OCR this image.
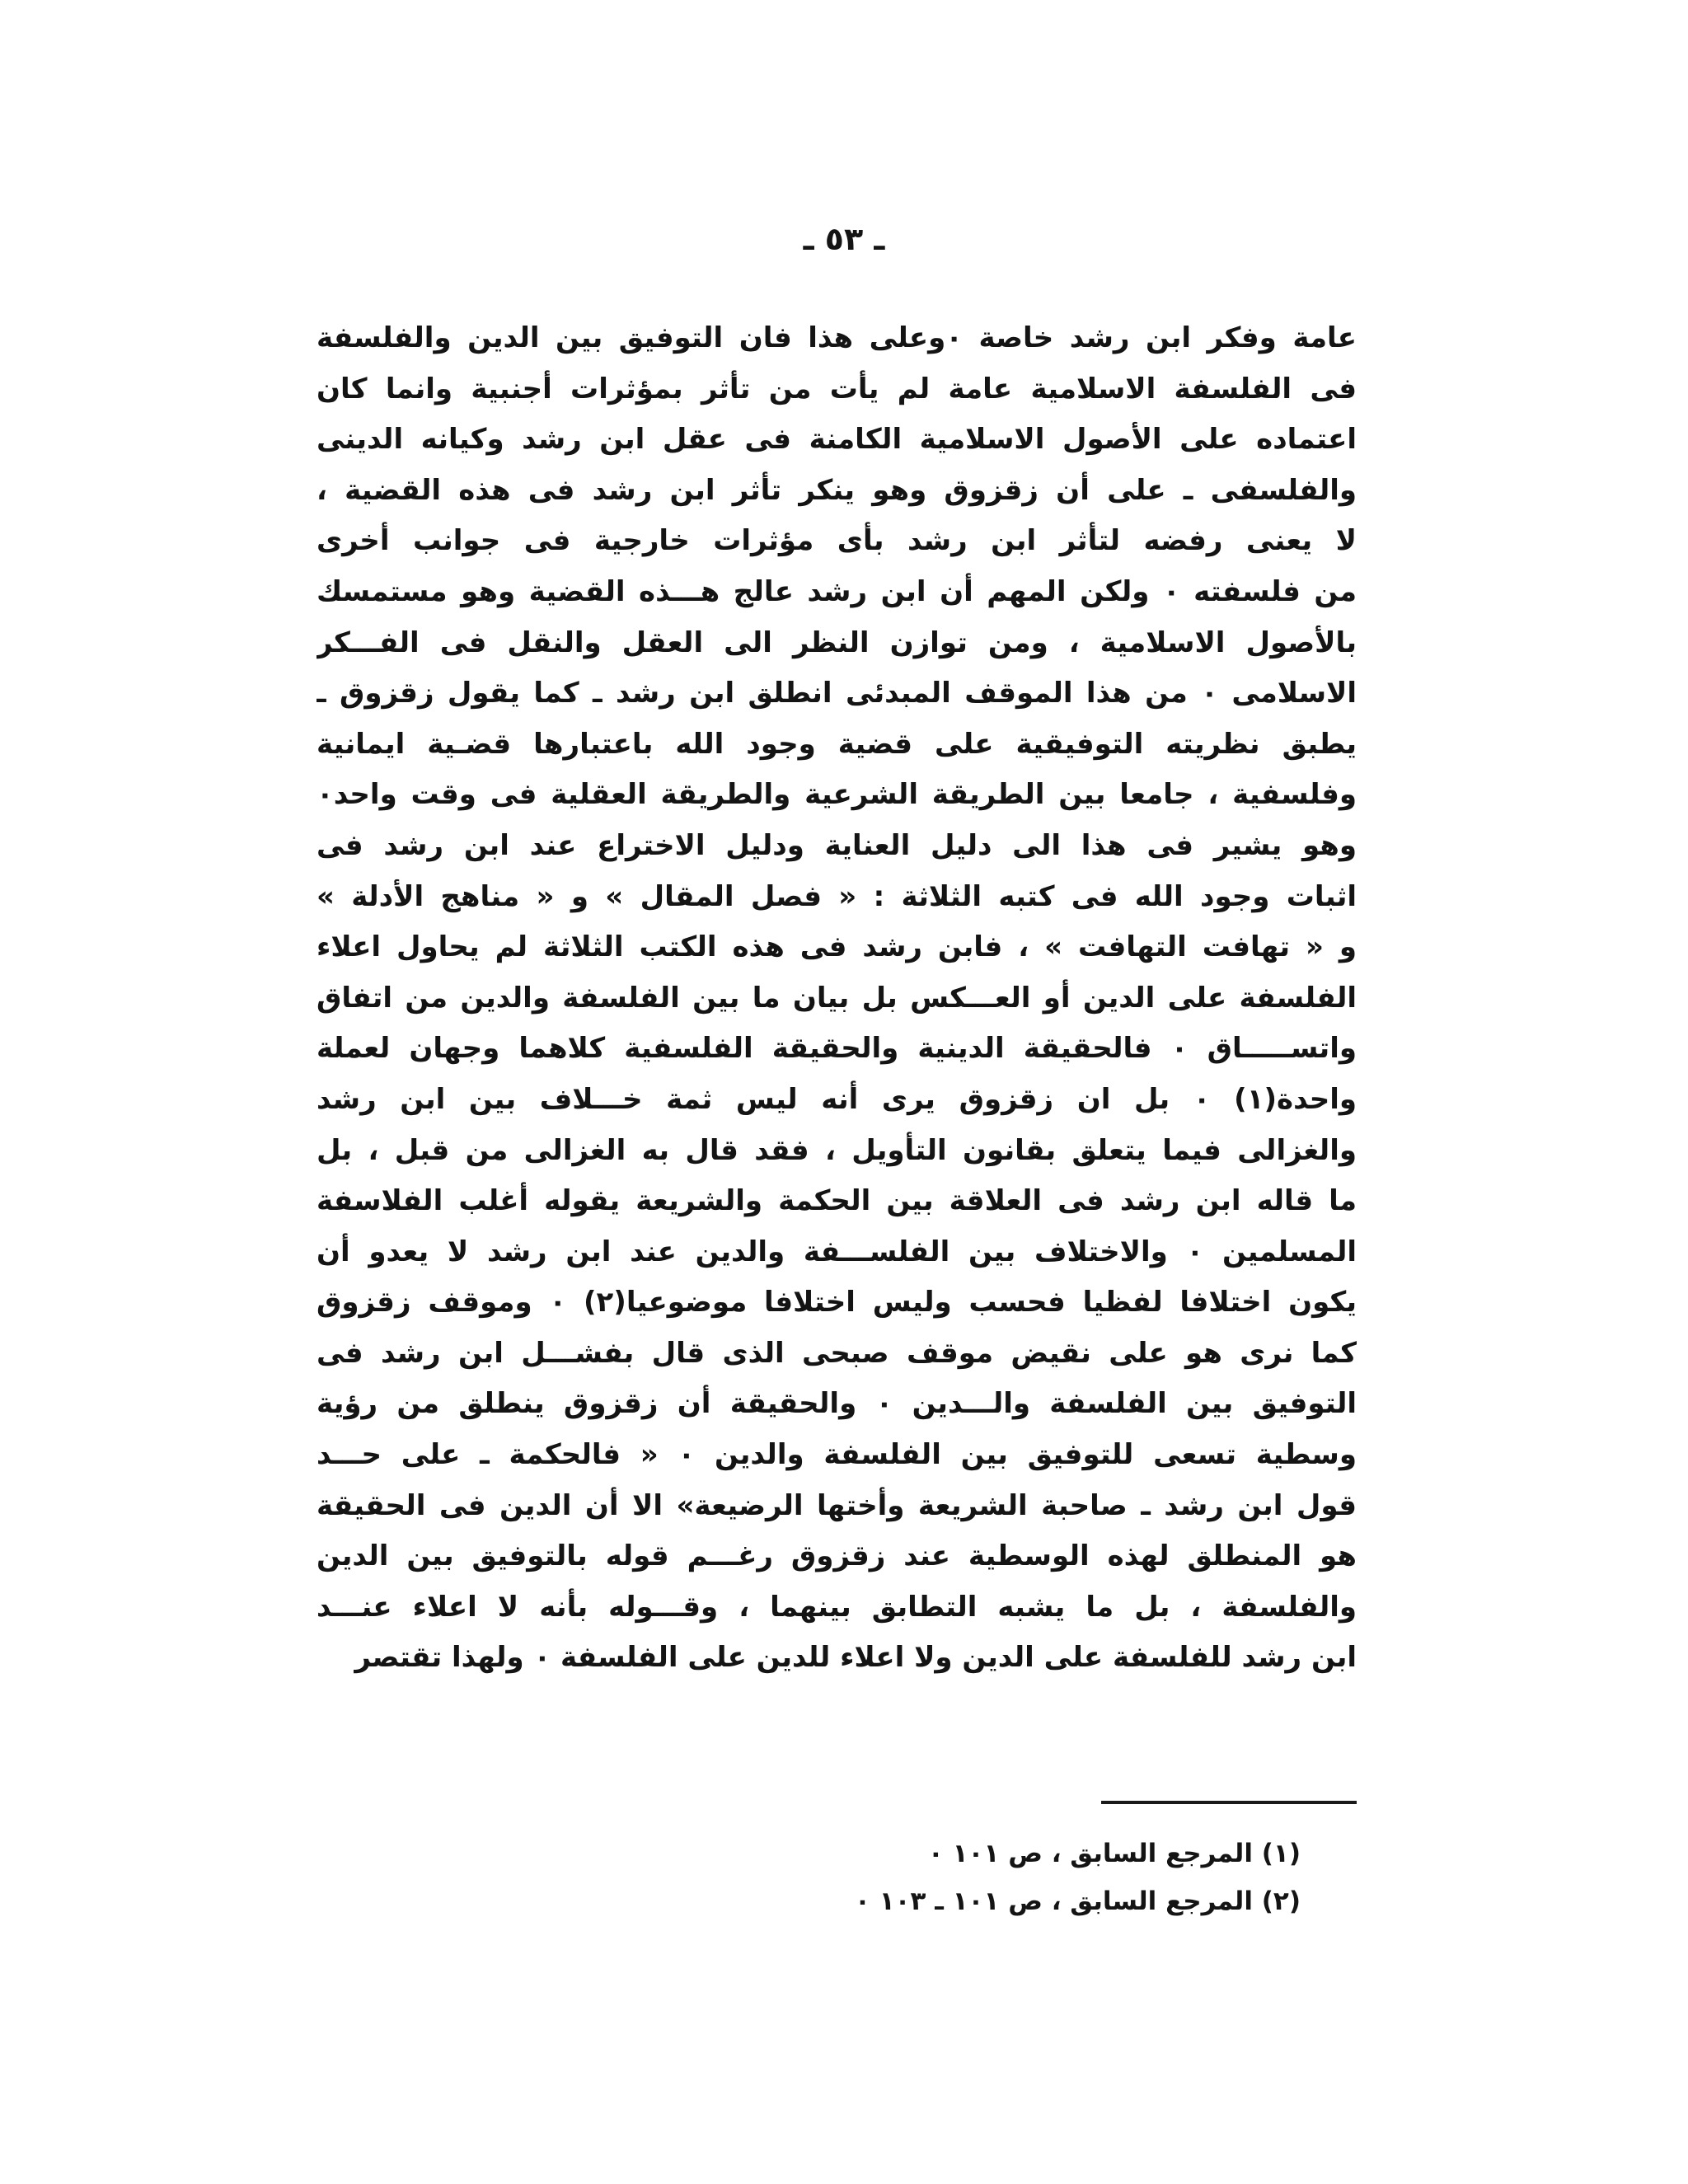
ـ ٥٣ ـ
عامة وفكر ابن رشد خاصة ٠وعلى هذا فان التوفيق بين الدين والفلسفة
فى الفلسفة الاسلامية عامة لم يأت من تأثر بمؤثرات أجنبية وانما كان
اعتماده على الأصول الاسلامية الكامنة فى عقل ابن رشد وكيانه الدينى
والفلسفى ـ على أن زقزوق وهو ينكر تأثر ابن رشد فى هذه القضية ،
لا يعنى رفضه لتأثر ابن رشد بأى مؤثرات خارجية فى جوانب أخرى
من فلسفته ٠ ولكن المهم أن ابن رشد عالج هـــذه القضية وهو مستمسك
بالأصول الاسلامية ، ومن توازن النظر الى العقل والنقل فى الفـــكر
الاسلامى ٠ من هذا الموقف المبدئى انطلق ابن رشد ـ كما يقول زقزوق ـ
يطبق نظريته التوفيقية على قضية وجود الله باعتبارها قضـية ايمانية
وفلسفية ، جامعا بين الطريقة الشرعية والطريقة العقلية فى وقت واحد٠
وهو يشير فى هذا الى دليل العناية ودليل الاختراع عند ابن رشد فى
اثبات وجود الله فى كتبه الثلاثة : « فصل المقال » و « مناهج الأدلة »
و « تهافت التهافت » ، فابن رشد فى هذه الكتب الثلاثة لم يحاول اعلاء
الفلسفة على الدين أو العـــكس بل بيان ما بين الفلسفة والدين من اتفاق
واتســـــاق ٠ فالحقيقة الدينية والحقيقة الفلسفية كلاهما وجهان لعملة
واحدة(١) ٠ بل ان زقزوق يرى أنه ليس ثمة خـــلاف بين ابن رشد
والغزالى فيما يتعلق بقانون التأويل ، فقد قال به الغزالى من قبل ، بل
ما قاله ابن رشد فى العلاقة بين الحكمة والشريعة يقوله أغلب الفلاسفة
المسلمين ٠ والاختلاف بين الفلســـفة والدين عند ابن رشد لا يعدو أن
يكون اختلافا لفظيا فحسب وليس اختلافا موضوعيا(٢) ٠ وموقف زقزوق
كما نرى هو على نقيض موقف صبحى الذى قال بفشـــل ابن رشد فى
التوفيق بين الفلسفة والـــدين ٠ والحقيقة أن زقزوق ينطلق من رؤية
وسطية تسعى للتوفيق بين الفلسفة والدين ٠ « فالحكمة ـ على حـــد
قول ابن رشد ـ صاحبة الشريعة وأختها الرضيعة» الا أن الدين فى الحقيقة
هو المنطلق لهذه الوسطية عند زقزوق رغـــم قوله بالتوفيق بين الدين
والفلسفة ، بل ما يشبه التطابق بينهما ، وقـــوله بأنه لا اعلاء عنـــد
ابن رشد للفلسفة على الدين ولا اعلاء للدين على الفلسفة ٠ ولهذا تقتصر
(١) المرجع السابق ، ص ١٠١ ٠
(٢) المرجع السابق ، ص ١٠١ ـ ١٠٣ ٠
